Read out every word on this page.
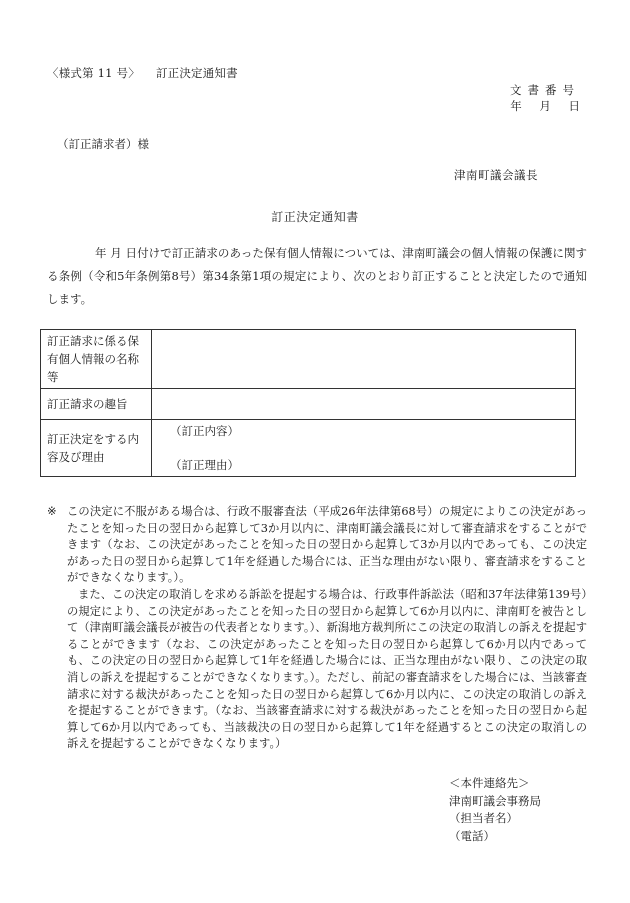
〈様式第 11 号〉 訂正決定通知書
文書番号
年 月 日
（訂正請求者）様
津南町議会議長
訂正決定通知書
年 月 日付けで訂正請求のあった保有個人情報については、津南町議会の個人情報の保護に関する条例（令和5年条例第8号）第34条第1項の規定により、次のとおり訂正することと決定したので通知します。
訂正請求に係る保有個人情報の名称等	
訂正請求の趣旨	
訂正決定をする内容及び理由	（訂正内容）
（訂正理由）
※ この決定に不服がある場合は、行政不服審査法（平成26年法律第68号）の規定によりこの決定があったことを知った日の翌日から起算して3か月以内に、津南町議会議長に対して審査請求をすることができます（なお、この決定があったことを知った日の翌日から起算して3か月以内であっても、この決定があった日の翌日から起算して1年を経過した場合には、正当な理由がない限り、審査請求をすることができなくなります。）。
また、この決定の取消しを求める訴訟を提起する場合は、行政事件訴訟法（昭和37年法律第139号）の規定により、この決定があったことを知った日の翌日から起算して6か月以内に、津南町を被告として（津南町議会議長が被告の代表者となります。）、新潟地方裁判所にこの決定の取消しの訴えを提起することができます（なお、この決定があったことを知った日の翌日から起算して6か月以内であっても、この決定の日の翌日から起算して1年を経過した場合には、正当な理由がない限り、この決定の取消しの訴えを提起することができなくなります。）。ただし、前記の審査請求をした場合には、当該審査請求に対する裁決があったことを知った日の翌日から起算して6か月以内に、この決定の取消しの訴えを提起することができます。（なお、当該審査請求に対する裁決があったことを知った日の翌日から起算して6か月以内であっても、当該裁決の日の翌日から起算して1年を経過するとこの決定の取消しの訴えを提起することができなくなります。）
＜本件連絡先＞
津南町議会事務局
（担当者名）
（電話）
